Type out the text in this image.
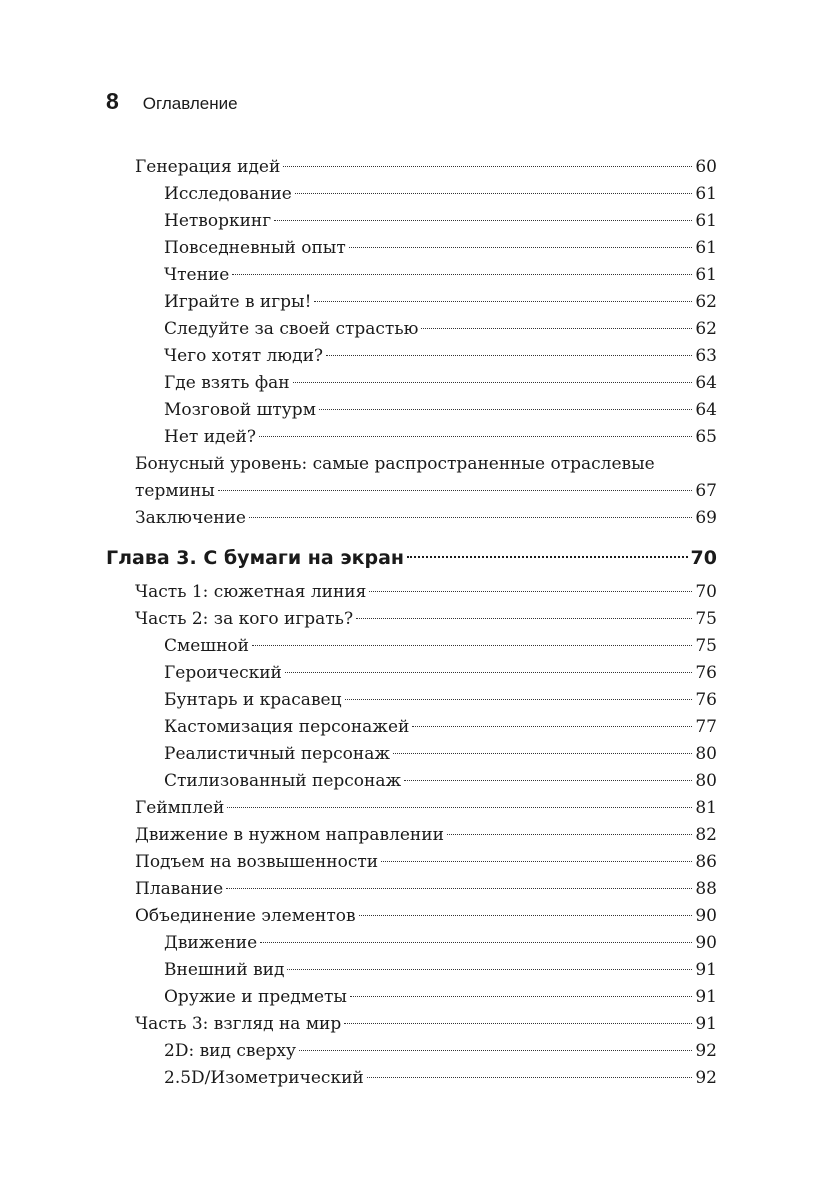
8 Оглавление
Генерация идей	60
Исследование	61
Нетворкинг	61
Повседневный опыт	61
Чтение	61
Играйте в игры!	62
Следуйте за своей страстью	62
Чего хотят люди?	63
Где взять фан	64
Мозговой штурм	64
Нет идей?	65
Бонусный уровень: самые распространенные отраслевые
термины	67
Заключение	69
Глава 3. С бумаги на экран	70
Часть 1: сюжетная линия	70
Часть 2: за кого играть?	75
Смешной	75
Героический	76
Бунтарь и красавец	76
Кастомизация персонажей	77
Реалистичный персонаж	80
Стилизованный персонаж	80
Геймплей	81
Движение в нужном направлении	82
Подъем на возвышенности	86
Плавание	88
Объединение элементов	90
Движение	90
Внешний вид	91
Оружие и предметы	91
Часть 3: взгляд на мир	91
2D: вид сверху	92
2.5D/Изометрический	92
